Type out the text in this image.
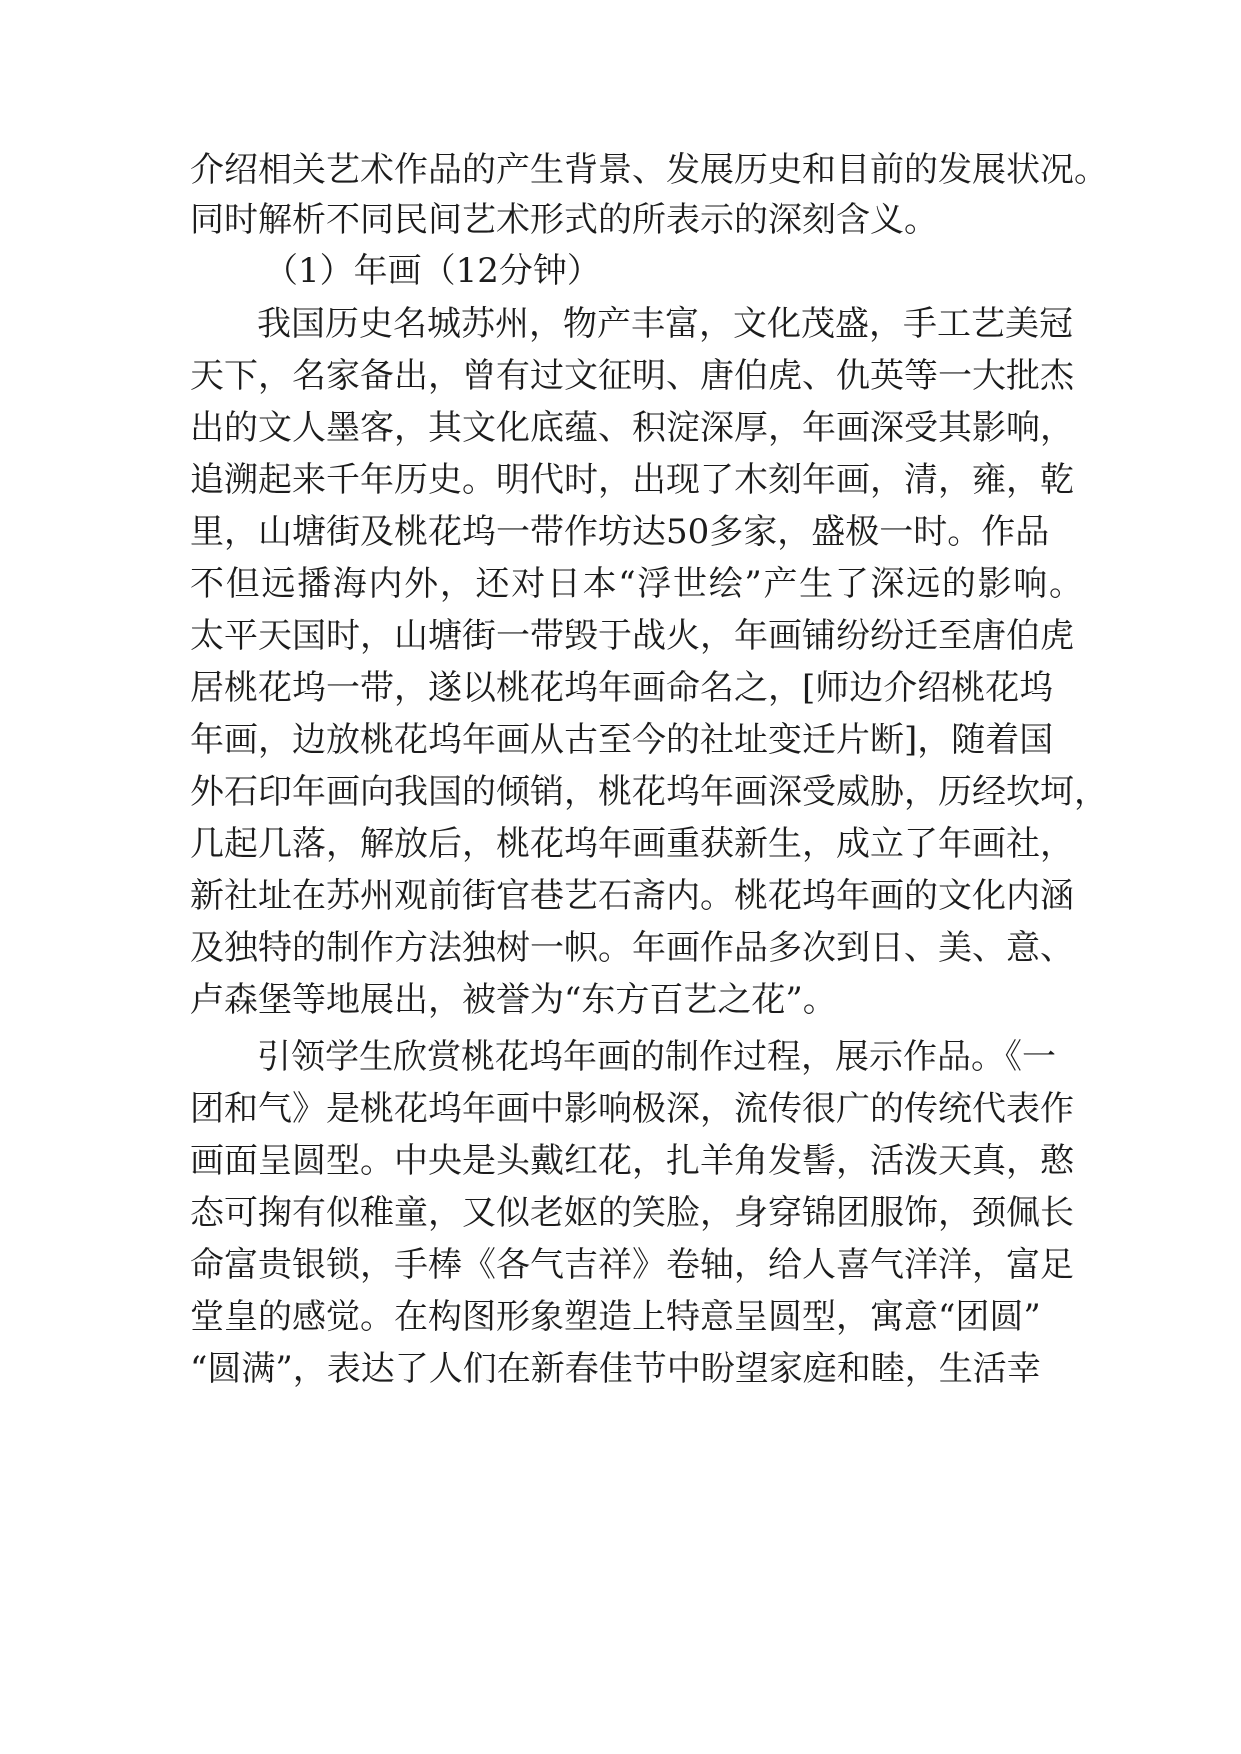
介绍相关艺术作品的产生背景、发展历史和目前的发展状况。

同时解析不同民间艺术形式的所表示的深刻含义。

（1）年画（12分钟）

我国历史名城苏州，物产丰富，文化茂盛，手工艺美冠

天下，名家备出，曾有过文征明、唐伯虎、仇英等一大批杰

出的文人墨客，其文化底蕴、积淀深厚，年画深受其影响，

追溯起来千年历史。明代时，出现了木刻年画，清，雍，乾

里，山塘街及桃花坞一带作坊达50多家，盛极一时。作品

不但远播海内外，还对日本“浮世绘”产生了深远的影响。

太平天国时，山塘街一带毁于战火，年画铺纷纷迁至唐伯虎

居桃花坞一带，遂以桃花坞年画命名之，[师边介绍桃花坞

年画，边放桃花坞年画从古至今的社址变迁片断]，随着国

外石印年画向我国的倾销，桃花坞年画深受威胁，历经坎坷，

几起几落，解放后，桃花坞年画重获新生，成立了年画社，

新社址在苏州观前街官巷艺石斋内。桃花坞年画的文化内涵

及独特的制作方法独树一帜。年画作品多次到日、美、意、

卢森堡等地展出，被誉为“东方百艺之花”。

引领学生欣赏桃花坞年画的制作过程，展示作品。《一

团和气》是桃花坞年画中影响极深，流传很广的传统代表作

画面呈圆型。中央是头戴红花，扎羊角发髻，活泼天真，憨

态可掬有似稚童，又似老妪的笑脸，身穿锦团服饰，颈佩长

命富贵银锁，手棒《各气吉祥》卷轴，给人喜气洋洋，富足

堂皇的感觉。在构图形象塑造上特意呈圆型，寓意“团圆”

“圆满”，表达了人们在新春佳节中盼望家庭和睦，生活幸
